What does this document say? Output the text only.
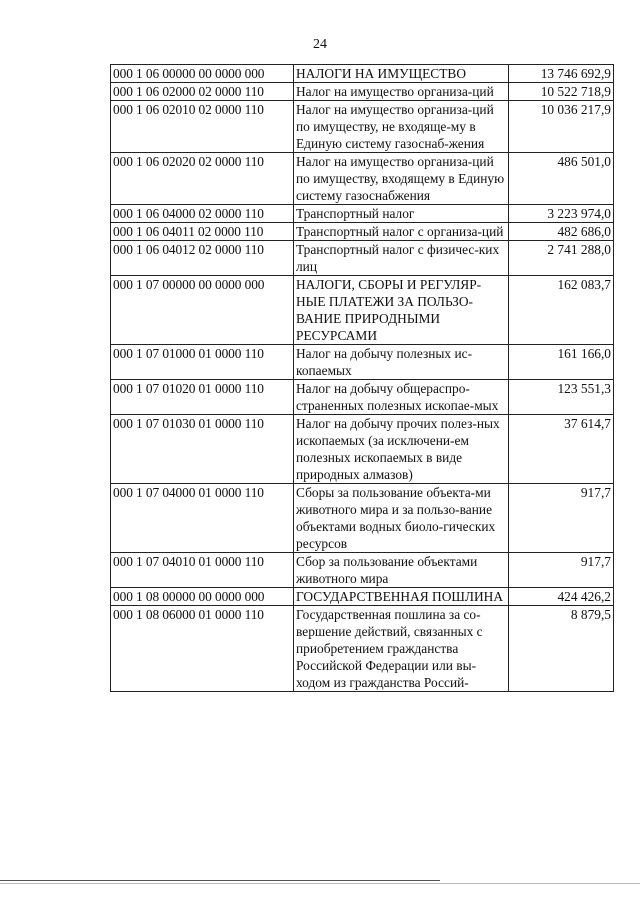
24
000 1 06 00000 00 0000 000	НАЛОГИ НА ИМУЩЕСТВО	13 746 692,9
000 1 06 02000 02 0000 110	Налог на имущество организа-ций	10 522 718,9
000 1 06 02010 02 0000 110	Налог на имущество организа-ций по имуществу, не входяще-му в Единую систему газоснаб-жения	10 036 217,9
000 1 06 02020 02 0000 110	Налог на имущество организа-ций по имуществу, входящему в Единую систему газоснабжения	486 501,0
000 1 06 04000 02 0000 110	Транспортный налог	3 223 974,0
000 1 06 04011 02 0000 110	Транспортный налог с организа-ций	482 686,0
000 1 06 04012 02 0000 110	Транспортный налог с физичес-ких лиц	2 741 288,0
000 1 07 00000 00 0000 000	НАЛОГИ, СБОРЫ И РЕГУЛЯР-НЫЕ ПЛАТЕЖИ ЗА ПОЛЬЗО-ВАНИЕ ПРИРОДНЫМИ РЕСУРСАМИ	162 083,7
000 1 07 01000 01 0000 110	Налог на добычу полезных ис-копаемых	161 166,0
000 1 07 01020 01 0000 110	Налог на добычу общераспро-страненных полезных ископае-мых	123 551,3
000 1 07 01030 01 0000 110	Налог на добычу прочих полез-ных ископаемых (за исключени-ем полезных ископаемых в виде природных алмазов)	37 614,7
000 1 07 04000 01 0000 110	Сборы за пользование объекта-ми животного мира и за пользо-вание объектами водных биоло-гических ресурсов	917,7
000 1 07 04010 01 0000 110	Сбор за пользование объектами животного мира	917,7
000 1 08 00000 00 0000 000	ГОСУДАРСТВЕННАЯ ПОШЛИНА	424 426,2
000 1 08 06000 01 0000 110	Государственная пошлина за со-вершение действий, связанных с приобретением гражданства Российской Федерации или вы-ходом из гражданства Россий-	8 879,5
